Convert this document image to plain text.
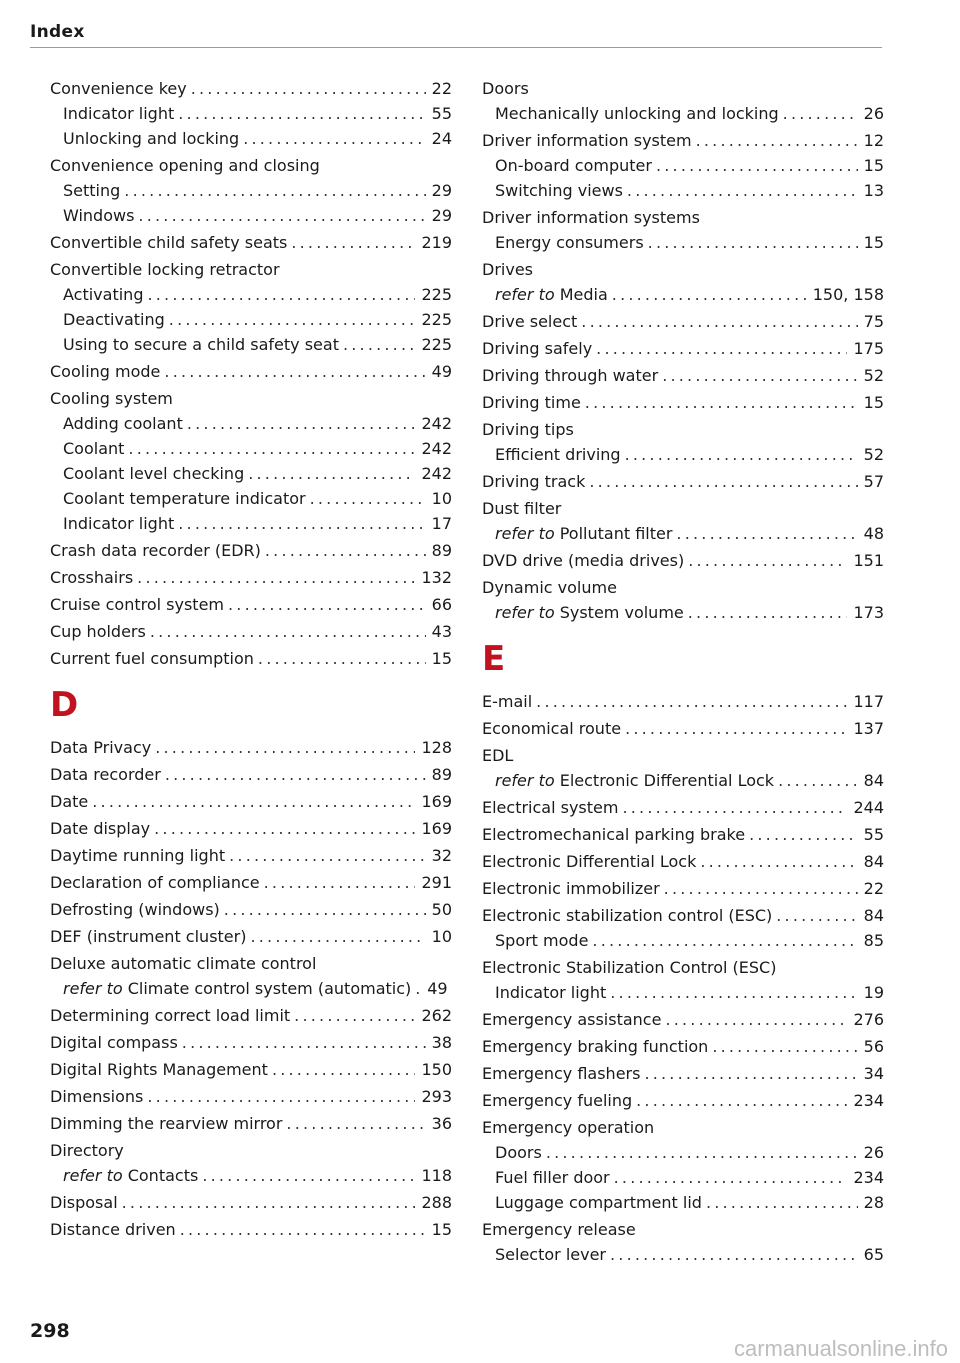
Index
Convenience key .....	22
Indicator light .....	55
Unlocking and locking .....	24
Convenience opening and closing
Setting .....	29
Windows .....	29
Convertible child safety seats .....	219
Convertible locking retractor
Activating .....	225
Deactivating .....	225
Using to secure a child safety seat .....	225
Cooling mode .....	49
Cooling system
Adding coolant .....	242
Coolant .....	242
Coolant level checking .....	242
Coolant temperature indicator .....	10
Indicator light .....	17
Crash data recorder (EDR) .....	89
Crosshairs .....	132
Cruise control system .....	66
Cup holders .....	43
Current fuel consumption .....	15
D
Data Privacy .....	128
Data recorder .....	89
Date .....	169
Date display .....	169
Daytime running light .....	32
Declaration of compliance .....	291
Defrosting (windows) .....	50
DEF (instrument cluster) .....	10
Deluxe automatic climate control
refer to Climate control system (automatic) ..... 49
Determining correct load limit .....	262
Digital compass .....	38
Digital Rights Management .....	150
Dimensions .....	293
Dimming the rearview mirror .....	36
Directory
refer to Contacts .....	118
Disposal .....	288
Distance driven .....	15
Doors
Mechanically unlocking and locking .....	26
Driver information system .....	12
On-board computer .....	15
Switching views .....	13
Driver information systems
Energy consumers .....	15
Drives
refer to Media .....	150, 158
Drive select .....	75
Driving safely .....	175
Driving through water .....	52
Driving time .....	15
Driving tips
Efficient driving .....	52
Driving track .....	57
Dust filter
refer to Pollutant filter .....	48
DVD drive (media drives) .....	151
Dynamic volume
refer to System volume .....	173
E
E-mail .....	117
Economical route .....	137
EDL
refer to Electronic Differential Lock .....	84
Electrical system .....	244
Electromechanical parking brake .....	55
Electronic Differential Lock .....	84
Electronic immobilizer .....	22
Electronic stabilization control (ESC) .....	84
Sport mode .....	85
Electronic Stabilization Control (ESC)
Indicator light .....	19
Emergency assistance .....	276
Emergency braking function .....	56
Emergency flashers .....	34
Emergency fueling .....	234
Emergency operation
Doors .....	26
Fuel filler door .....	234
Luggage compartment lid .....	28
Emergency release
Selector lever .....	65
298
carmanualsonline.info
